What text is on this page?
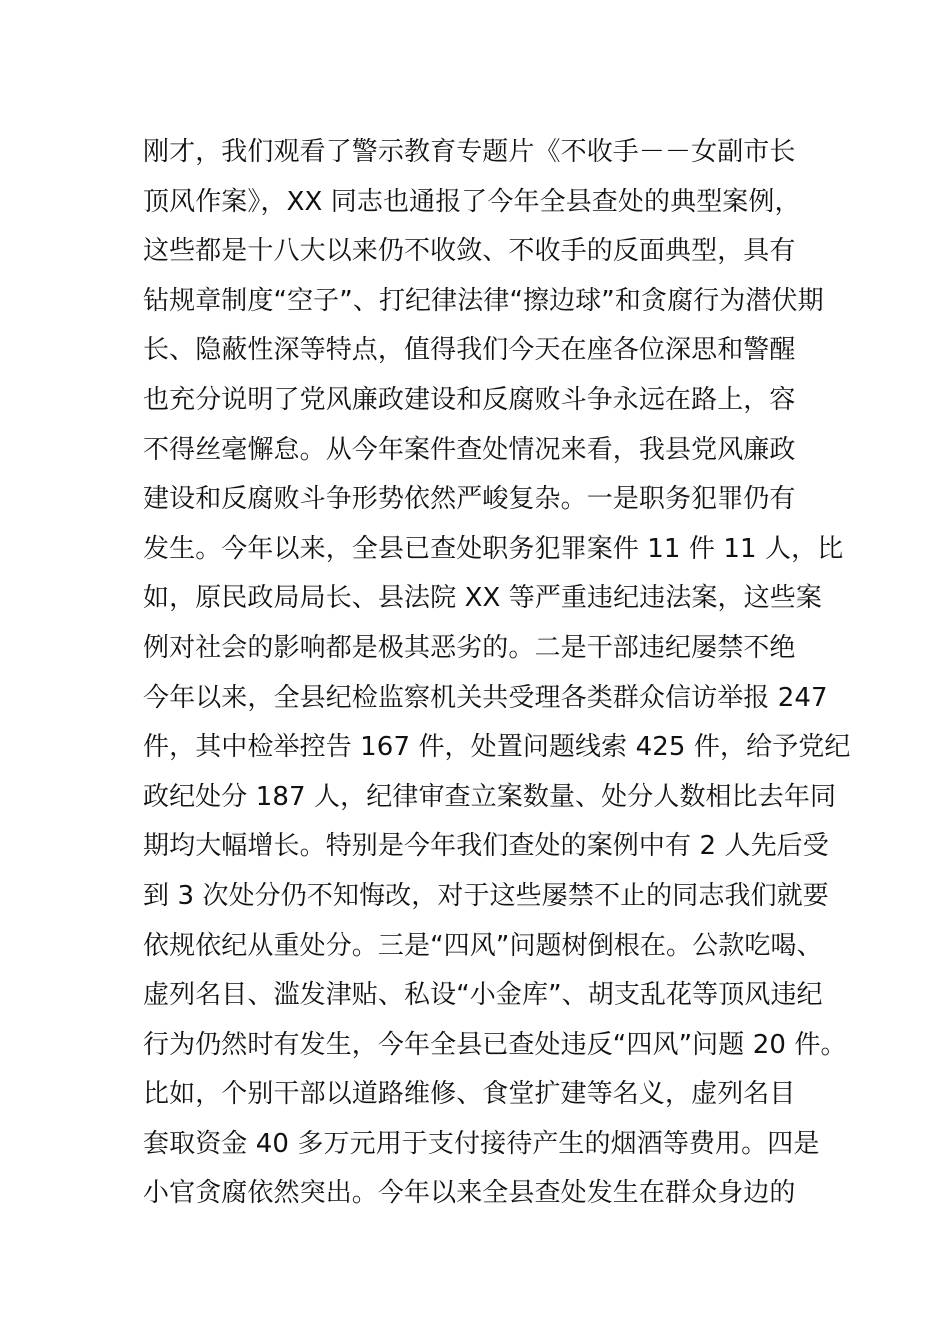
刚才，我们观看了警示教育专题片《不收手－－女副市长
顶风作案》，XX 同志也通报了今年全县查处的典型案例，
这些都是十八大以来仍不收敛、不收手的反面典型，具有
钻规章制度“空子”、打纪律法律“擦边球”和贪腐行为潜伏期
长、隐蔽性深等特点，值得我们今天在座各位深思和警醒
也充分说明了党风廉政建设和反腐败斗争永远在路上，容
不得丝毫懈怠。从今年案件查处情况来看，我县党风廉政
建设和反腐败斗争形势依然严峻复杂。一是职务犯罪仍有
发生。今年以来，全县已查处职务犯罪案件 11 件 11 人，比
如，原民政局局长、县法院 XX 等严重违纪违法案，这些案
例对社会的影响都是极其恶劣的。二是干部违纪屡禁不绝
今年以来，全县纪检监察机关共受理各类群众信访举报 247
件，其中检举控告 167 件，处置问题线索 425 件，给予党纪
政纪处分 187 人，纪律审查立案数量、处分人数相比去年同
期均大幅增长。特别是今年我们查处的案例中有 2 人先后受
到 3 次处分仍不知悔改，对于这些屡禁不止的同志我们就要
依规依纪从重处分。三是“四风”问题树倒根在。公款吃喝、
虚列名目、滥发津贴、私设“小金库”、胡支乱花等顶风违纪
行为仍然时有发生，今年全县已查处违反“四风”问题 20 件。
比如，个别干部以道路维修、食堂扩建等名义，虚列名目
套取资金 40 多万元用于支付接待产生的烟酒等费用。四是
小官贪腐依然突出。今年以来全县查处发生在群众身边的
